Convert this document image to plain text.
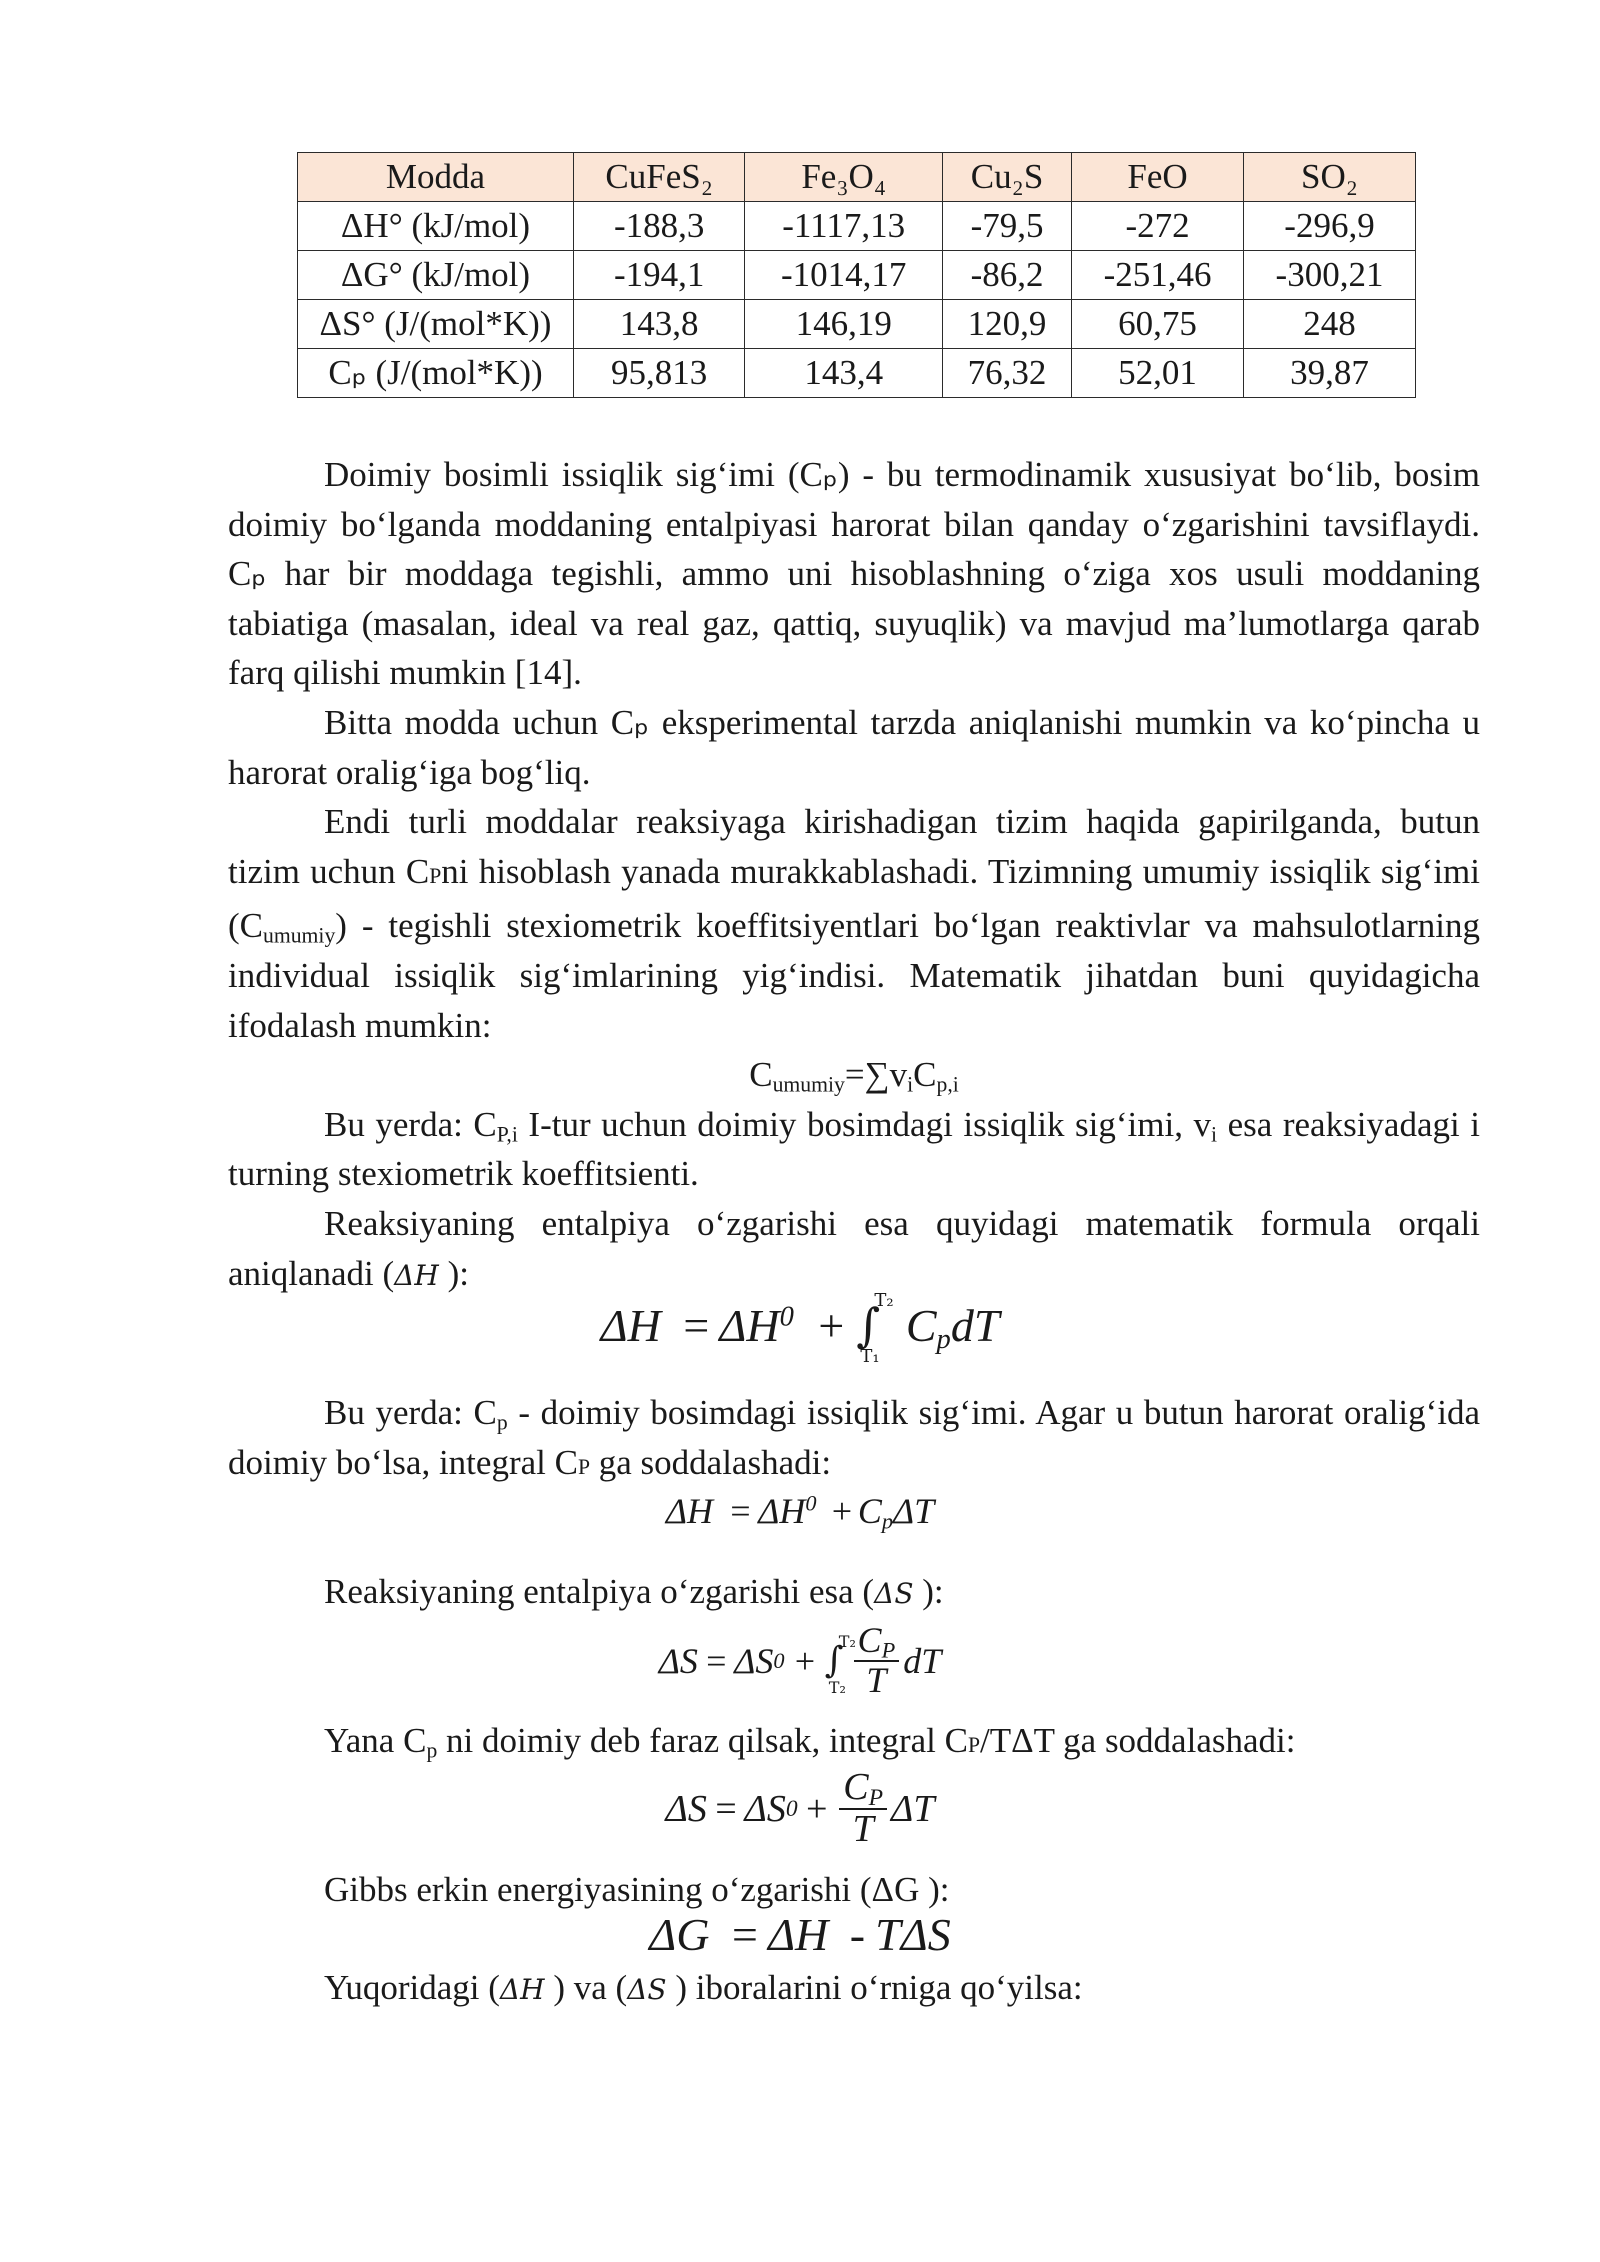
Modda	CuFeS₂	Fe₃O₄	Cu₂S	FeO	SO₂
ΔH° (kJ/mol)	-188,3	-1117,13	-79,5	-272	-296,9
ΔG° (kJ/mol)	-194,1	-1014,17	-86,2	-251,46	-300,21
ΔS° (J/(mol*K))	143,8	146,19	120,9	60,75	248
Cₚ (J/(mol*K))	95,813	143,4	76,32	52,01	39,87

Doimiy bosimli issiqlik sig‘imi (Cₚ) - bu termodinamik xususiyat bo‘lib, bosim doimiy bo‘lganda moddaning entalpiyasi harorat bilan qanday o‘zgarishini tavsiflaydi. Cₚ har bir moddaga tegishli, ammo uni hisoblashning o‘ziga xos usuli moddaning tabiatiga (masalan, ideal va real gaz, qattiq, suyuqlik) va mavjud ma’lumotlarga qarab farq qilishi mumkin [14].

Bitta modda uchun Cₚ eksperimental tarzda aniqlanishi mumkin va ko‘pincha u harorat oralig‘iga bog‘liq.

Endi turli moddalar reaksiyaga kirishadigan tizim haqida gapirilganda, butun tizim uchun CPni hisoblash yanada murakkablashadi. Tizimning umumiy issiqlik sig‘imi $(C_{umumiy})$ - tegishli stexiometrik koeffitsiyentlari bo‘lgan reaktivlar va mahsulotlarning individual issiqlik sig‘imlarining yig‘indisi. Matematik jihatdan buni quyidagicha ifodalash mumkin:

$C_{umumiy}=\sum v_iC_{p,i}$

Bu yerda: $C_{P,i}$ I-tur uchun doimiy bosimdagi issiqlik sig‘imi, $v_i$ esa reaksiyadagi i turning stexiometrik koeffitsienti.

Reaksiyaning entalpiya o‘zgarishi esa quyidagi matematik formula orqali aniqlanadi (ΔH ):

$\Delta H = \Delta H^0$ + ∫
T₂
T₁
$C_pdT$

Bu yerda: $C_p$ - doimiy bosimdagi issiqlik sig‘imi. Agar u butun harorat oralig‘ida doimiy bo‘lsa, integral CP ga soddalashadi:

$\Delta H = \Delta H^0 + C_p\Delta T$

Reaksiyaning entalpiya o‘zgarishi esa (ΔS ):

ΔS = ΔS 0 + ∫
T₂
$T_2 \frac{C_P}{T}$ dT

Yana $C_p$ ni doimiy deb faraz qilsak, integral CP/TΔT ga soddalashadi:

ΔS = ΔS $0 + \frac{C_P}{T}$ ΔT

Gibbs erkin energiyasining o‘zgarishi (ΔG ):

ΔG = ΔH - TΔS

Yuqoridagi (ΔH ) va (ΔS ) iboralarini o‘rniga qo‘yilsa:
